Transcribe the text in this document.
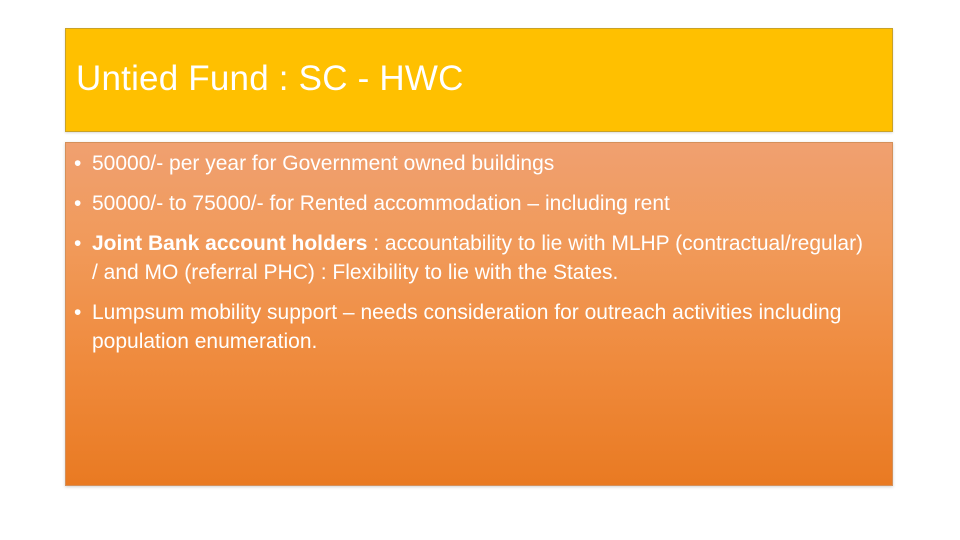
Untied Fund : SC - HWC
• 50000/- per year for Government owned buildings
• 50000/- to 75000/- for Rented accommodation – including rent
• Joint Bank account holders : accountability to lie with MLHP (contractual/regular) / and MO (referral PHC) : Flexibility to lie with the States.
• Lumpsum mobility support – needs consideration for outreach activities including population enumeration.
